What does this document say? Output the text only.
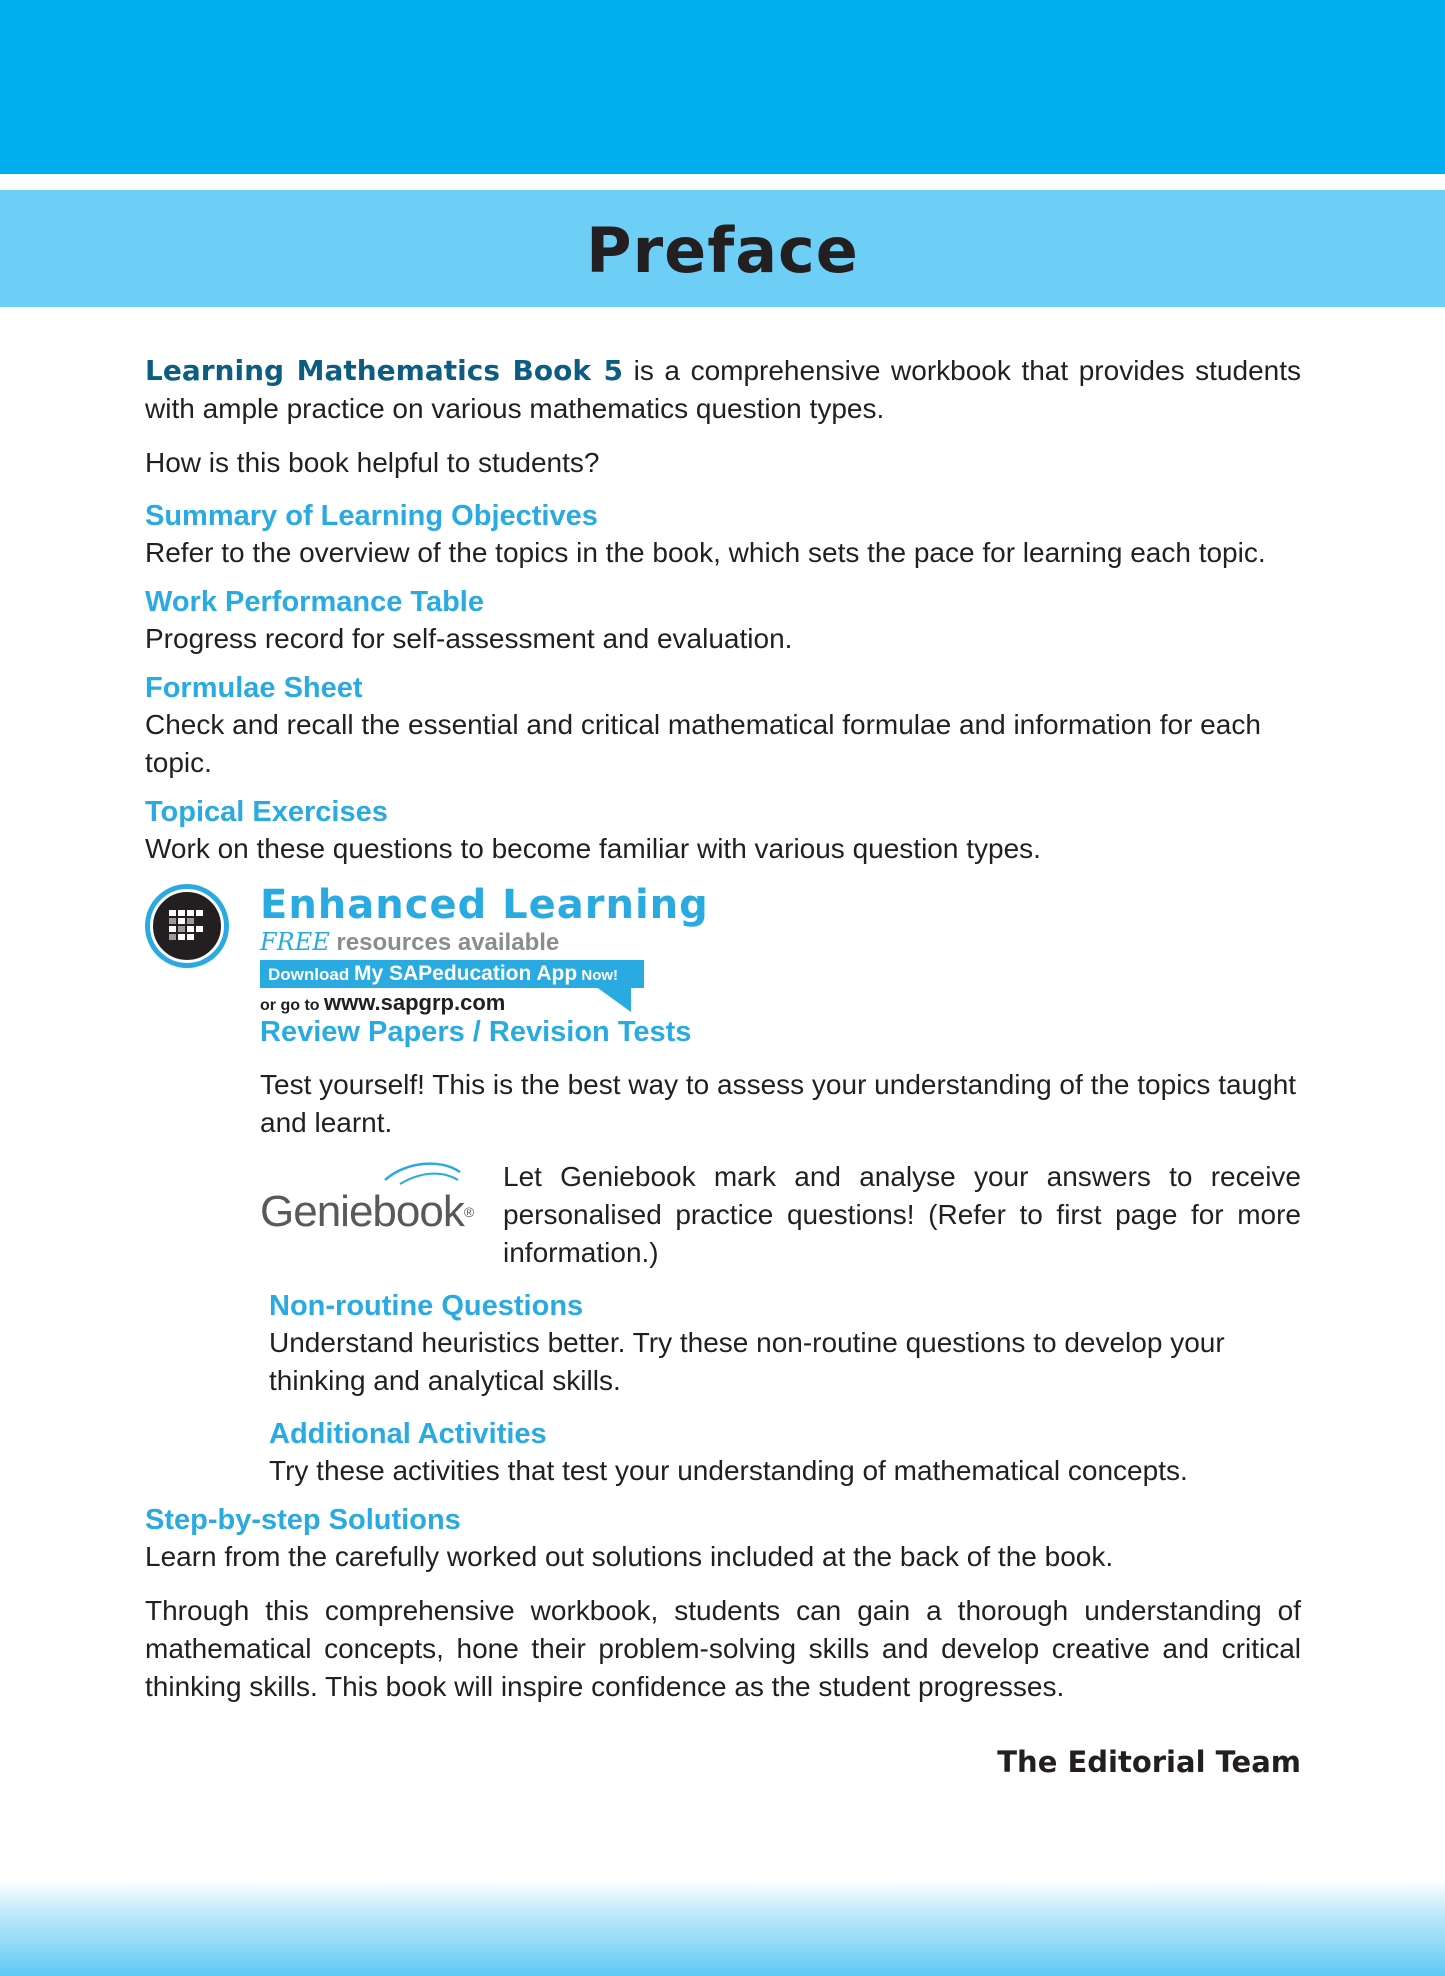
Preface

Learning Mathematics Book 5 is a comprehensive workbook that provides students with ample practice on various mathematics question types.

How is this book helpful to students?

Summary of Learning Objectives

Refer to the overview of the topics in the book, which sets the pace for learning each topic.

Work Performance Table

Progress record for self-assessment and evaluation.

Formulae Sheet

Check and recall the essential and critical mathematical formulae and information for each topic.

Topical Exercises

Work on these questions to become familiar with various question types.

Enhanced Learning
FREE resources available
Download My SAPeducation App Now!
or go to www.sapgrp.com

Review Papers / Revision Tests

Test yourself! This is the best way to assess your understanding of the topics taught and learnt.

Geniebook®

Let Geniebook mark and analyse your answers to receive personalised practice questions! (Refer to first page for more information.)

Non-routine Questions

Understand heuristics better. Try these non-routine questions to develop your thinking and analytical skills.

Additional Activities

Try these activities that test your understanding of mathematical concepts.

Step-by-step Solutions

Learn from the carefully worked out solutions included at the back of the book.

Through this comprehensive workbook, students can gain a thorough understanding of mathematical concepts, hone their problem-solving skills and develop creative and critical thinking skills. This book will inspire confidence as the student progresses.

The Editorial Team
